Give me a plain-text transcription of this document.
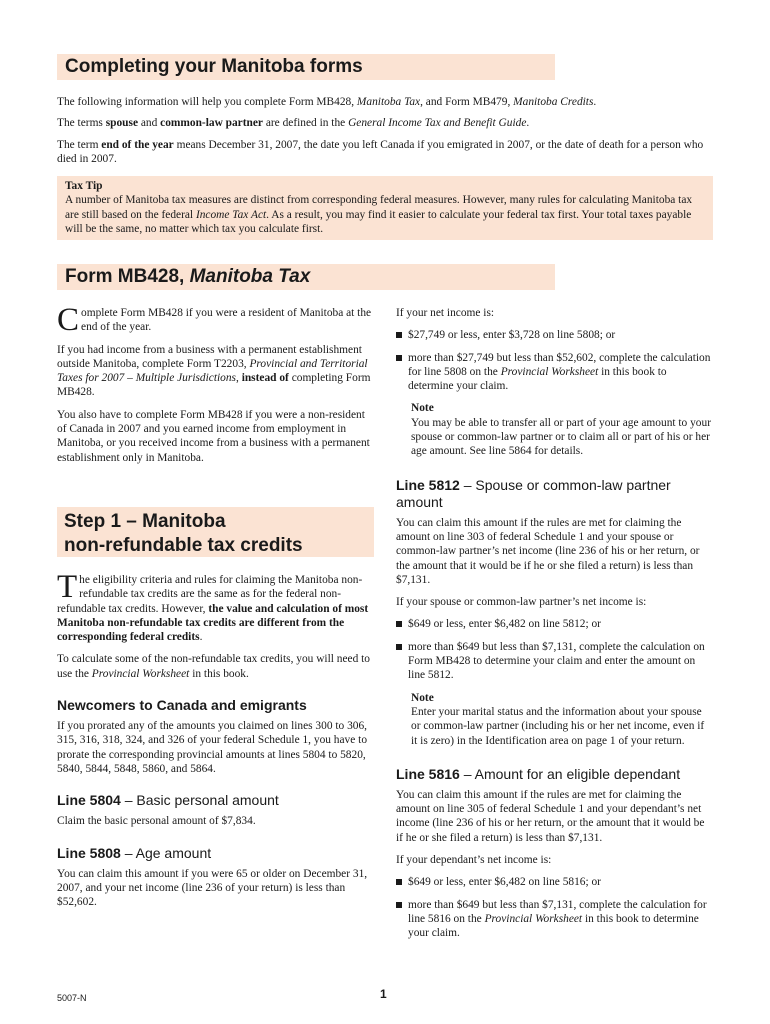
Completing your Manitoba forms

The following information will help you complete Form MB428, Manitoba Tax, and Form MB479, Manitoba Credits.

The terms spouse and common-law partner are defined in the General Income Tax and Benefit Guide.

The term end of the year means December 31, 2007, the date you left Canada if you emigrated in 2007, or the date of death for a person who died in 2007.

Tax Tip
A number of Manitoba tax measures are distinct from corresponding federal measures. However, many rules for calculating Manitoba tax are still based on the federal Income Tax Act. As a result, you may find it easier to calculate your federal tax first. Your total taxes payable will be the same, no matter which tax you calculate first.
Form MB428, Manitoba Tax

Complete Form MB428 if you were a resident of Manitoba at the end of the year.

If you had income from a business with a permanent establishment outside Manitoba, complete Form T2203, Provincial and Territorial Taxes for 2007 – Multiple Jurisdictions, instead of completing Form MB428.

You also have to complete Form MB428 if you were a non-resident of Canada in 2007 and you earned income from employment in Manitoba, or you received income from a business with a permanent establishment only in Manitoba.

Step 1 – Manitoba
non-refundable tax credits

The eligibility criteria and rules for claiming the Manitoba non-refundable tax credits are the same as for the federal non-refundable tax credits. However, the value and calculation of most Manitoba non-refundable tax credits are different from the corresponding federal credits.

To calculate some of the non-refundable tax credits, you will need to use the Provincial Worksheet in this book.

Newcomers to Canada and emigrants

If you prorated any of the amounts you claimed on lines 300 to 306, 315, 316, 318, 324, and 326 of your federal Schedule 1, you have to prorate the corresponding provincial amounts at lines 5804 to 5820, 5840, 5844, 5848, 5860, and 5864.

Line 5804 – Basic personal amount

Claim the basic personal amount of $7,834.

Line 5808 – Age amount

You can claim this amount if you were 65 or older on December 31, 2007, and your net income (line 236 of your return) is less than $52,602.

If your net income is:

$27,749 or less, enter $3,728 on line 5808; or
more than $27,749 but less than $52,602, complete the calculation for line 5808 on the Provincial Worksheet in this book to determine your claim.
Note
You may be able to transfer all or part of your age amount to your spouse or common-law partner or to claim all or part of his or her age amount. See line 5864 for details.
Line 5812 – Spouse or common-law partner amount

You can claim this amount if the rules are met for claiming the amount on line 303 of federal Schedule 1 and your spouse or common-law partner’s net income (line 236 of his or her return, or the amount that it would be if he or she filed a return) is less than $7,131.

If your spouse or common-law partner’s net income is:

$649 or less, enter $6,482 on line 5812; or
more than $649 but less than $7,131, complete the calculation on Form MB428 to determine your claim and enter the amount on line 5812.
Note
Enter your marital status and the information about your spouse or common-law partner (including his or her net income, even if it is zero) in the Identification area on page 1 of your return.
Line 5816 – Amount for an eligible dependant

You can claim this amount if the rules are met for claiming the amount on line 305 of federal Schedule 1 and your dependant’s net income (line 236 of his or her return, or the amount that it would be if he or she filed a return) is less than $7,131.

If your dependant’s net income is:

$649 or less, enter $6,482 on line 5816; or
more than $649 but less than $7,131, complete the calculation for line 5816 on the Provincial Worksheet in this book to determine your claim.
5007-N	1
